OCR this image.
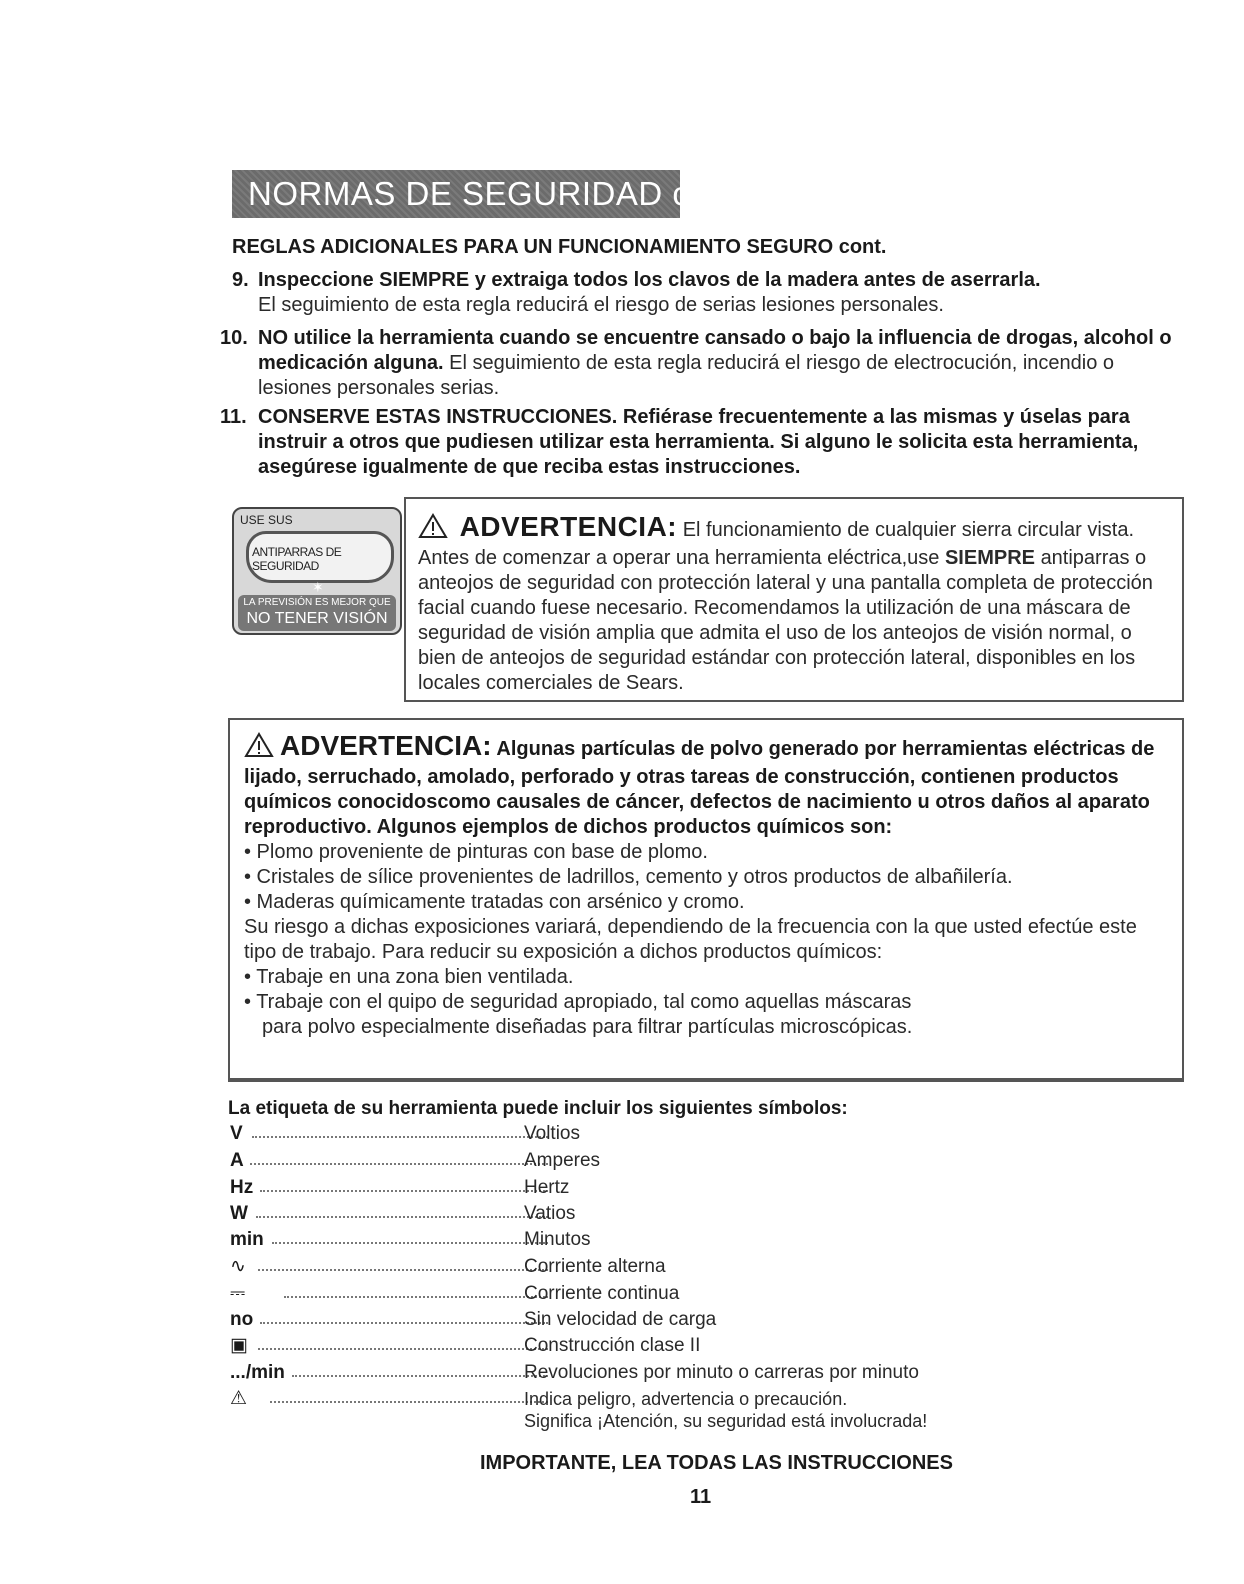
NORMAS DE SEGURIDAD cont.
REGLAS ADICIONALES PARA UN FUNCIONAMIENTO SEGURO cont.
9. Inspeccione SIEMPRE y extraiga todos los clavos de la madera antes de aserrarla.
El seguimiento de esta regla reducirá el riesgo de serias lesiones personales.
10. NO utilice la herramienta cuando se encuentre cansado o bajo la influencia de drogas, alcohol o medicación alguna. El seguimiento de esta regla reducirá el riesgo de electrocución, incendio o lesiones personales serias.
11. CONSERVE ESTAS INSTRUCCIONES. Refiérase frecuentemente a las mismas y úselas para instruir a otros que pudiesen utilizar esta herramienta. Si alguno le solicita esta herramienta, asegúrese igualmente de que reciba estas instrucciones.
USE SUS
ANTIPARRAS DE SEGURIDAD
✶
LA PREVISIÓN ES MEJOR QUE
NO TENER VISIÓN
ADVERTENCIA: El funcionamiento de cualquier sierra circular vista. Antes de comenzar a operar una herramienta eléctrica,use SIEMPRE antiparras o anteojos de seguridad con protección lateral y una pantalla completa de protección facial cuando fuese necesario. Recomendamos la utilización de una máscara de seguridad de visión amplia que admita el uso de los anteojos de visión normal, o bien de anteojos de seguridad estándar con protección lateral, disponibles en los locales comerciales de Sears.
ADVERTENCIA: Algunas partículas de polvo generado por herramientas eléctricas de lijado, serruchado, amolado, perforado y otras tareas de construcción, contienen productos químicos conocidoscomo causales de cáncer, defectos de nacimiento u otros daños al aparato reproductivo. Algunos ejemplos de dichos productos químicos son:
• Plomo proveniente de pinturas con base de plomo.
• Cristales de sílice provenientes de ladrillos, cemento y otros productos de albañilería.
• Maderas químicamente tratadas con arsénico y cromo.
Su riesgo a dichas exposiciones variará, dependiendo de la frecuencia con la que usted efectúe este tipo de trabajo. Para reducir su exposición a dichos productos químicos:
• Trabaje en una zona bien ventilada.
• Trabaje con el quipo de seguridad apropiado, tal como aquellas máscaras
para polvo especialmente diseñadas para filtrar partículas microscópicas.
La etiqueta de su herramienta puede incluir los siguientes símbolos:
V	Voltios
A	Amperes
Hz	Hertz
W	Vatios
min	Minutos
∿	Corriente alterna
⎓	Corriente continua
no	Sin velocidad de carga
▣	Construcción clase II
.../min	Revoluciones por minuto o carreras por minuto
⚠	Indica peligro, advertencia o precaución.
Significa ¡Atención, su seguridad está involucrada!
IMPORTANTE, LEA TODAS LAS INSTRUCCIONES
11
